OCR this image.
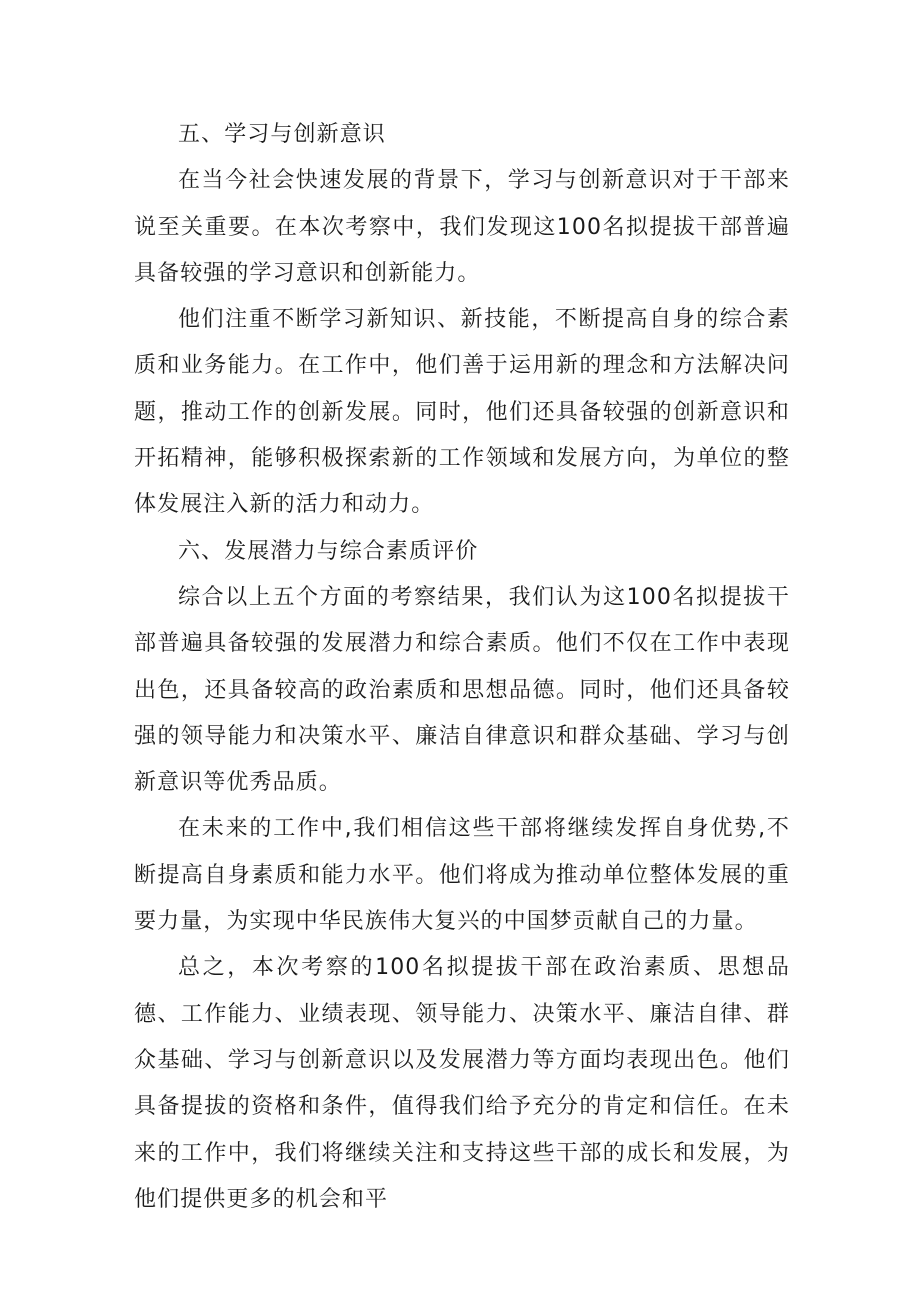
五、学习与创新意识

在当今社会快速发展的背景下，学习与创新意识对于干部来说至关重要。在本次考察中，我们发现这100名拟提拔干部普遍具备较强的学习意识和创新能力。

他们注重不断学习新知识、新技能，不断提高自身的综合素质和业务能力。在工作中，他们善于运用新的理念和方法解决问题，推动工作的创新发展。同时，他们还具备较强的创新意识和开拓精神，能够积极探索新的工作领域和发展方向，为单位的整体发展注入新的活力和动力。

六、发展潜力与综合素质评价

综合以上五个方面的考察结果，我们认为这100名拟提拔干部普遍具备较强的发展潜力和综合素质。他们不仅在工作中表现出色，还具备较高的政治素质和思想品德。同时，他们还具备较强的领导能力和决策水平、廉洁自律意识和群众基础、学习与创新意识等优秀品质。

在未来的工作中,我们相信这些干部将继续发挥自身优势,不断提高自身素质和能力水平。他们将成为推动单位整体发展的重要力量，为实现中华民族伟大复兴的中国梦贡献自己的力量。

总之，本次考察的100名拟提拔干部在政治素质、思想品德、工作能力、业绩表现、领导能力、决策水平、廉洁自律、群众基础、学习与创新意识以及发展潜力等方面均表现出色。他们具备提拔的资格和条件，值得我们给予充分的肯定和信任。在未来的工作中，我们将继续关注和支持这些干部的成长和发展，为他们提供更多的机会和平
